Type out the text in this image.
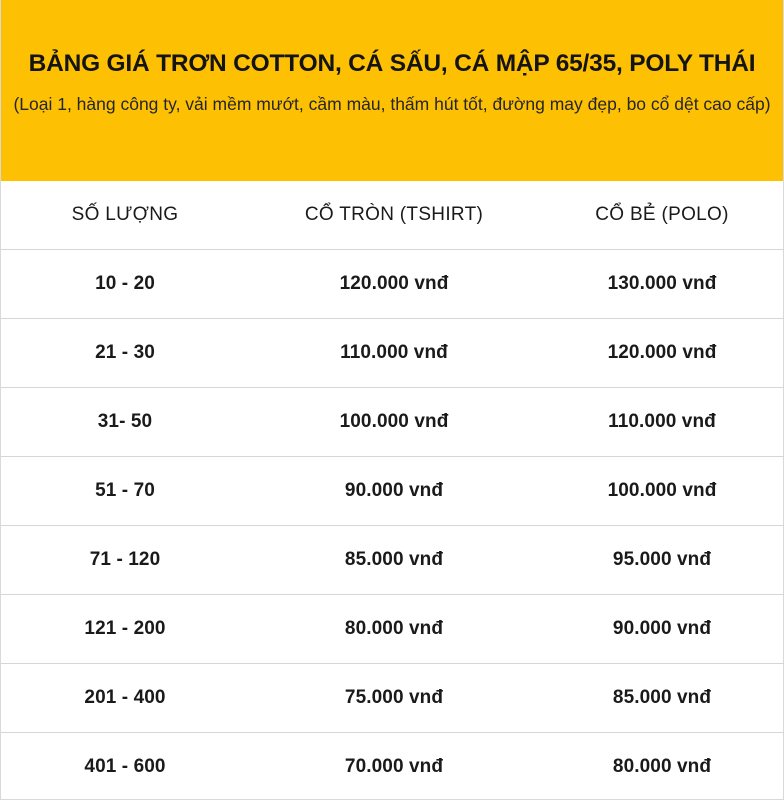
BẢNG GIÁ TRƠN COTTON, CÁ SẤU, CÁ MẬP 65/35, POLY THÁI

(Loại 1, hàng công ty, vải mềm mướt, cầm màu, thấm hút tốt, đường may đẹp, bo cổ dệt cao cấp)

SỐ LƯỢNG	CỔ TRÒN (TSHIRT)	CỔ BẺ (POLO)
10 - 20	120.000 vnđ	130.000 vnđ
21 - 30	110.000 vnđ	120.000 vnđ
31- 50	100.000 vnđ	110.000 vnđ
51 - 70	90.000 vnđ	100.000 vnđ
71 - 120	85.000 vnđ	95.000 vnđ
121 - 200	80.000 vnđ	90.000 vnđ
201 - 400	75.000 vnđ	85.000 vnđ
401 - 600	70.000 vnđ	80.000 vnđ
